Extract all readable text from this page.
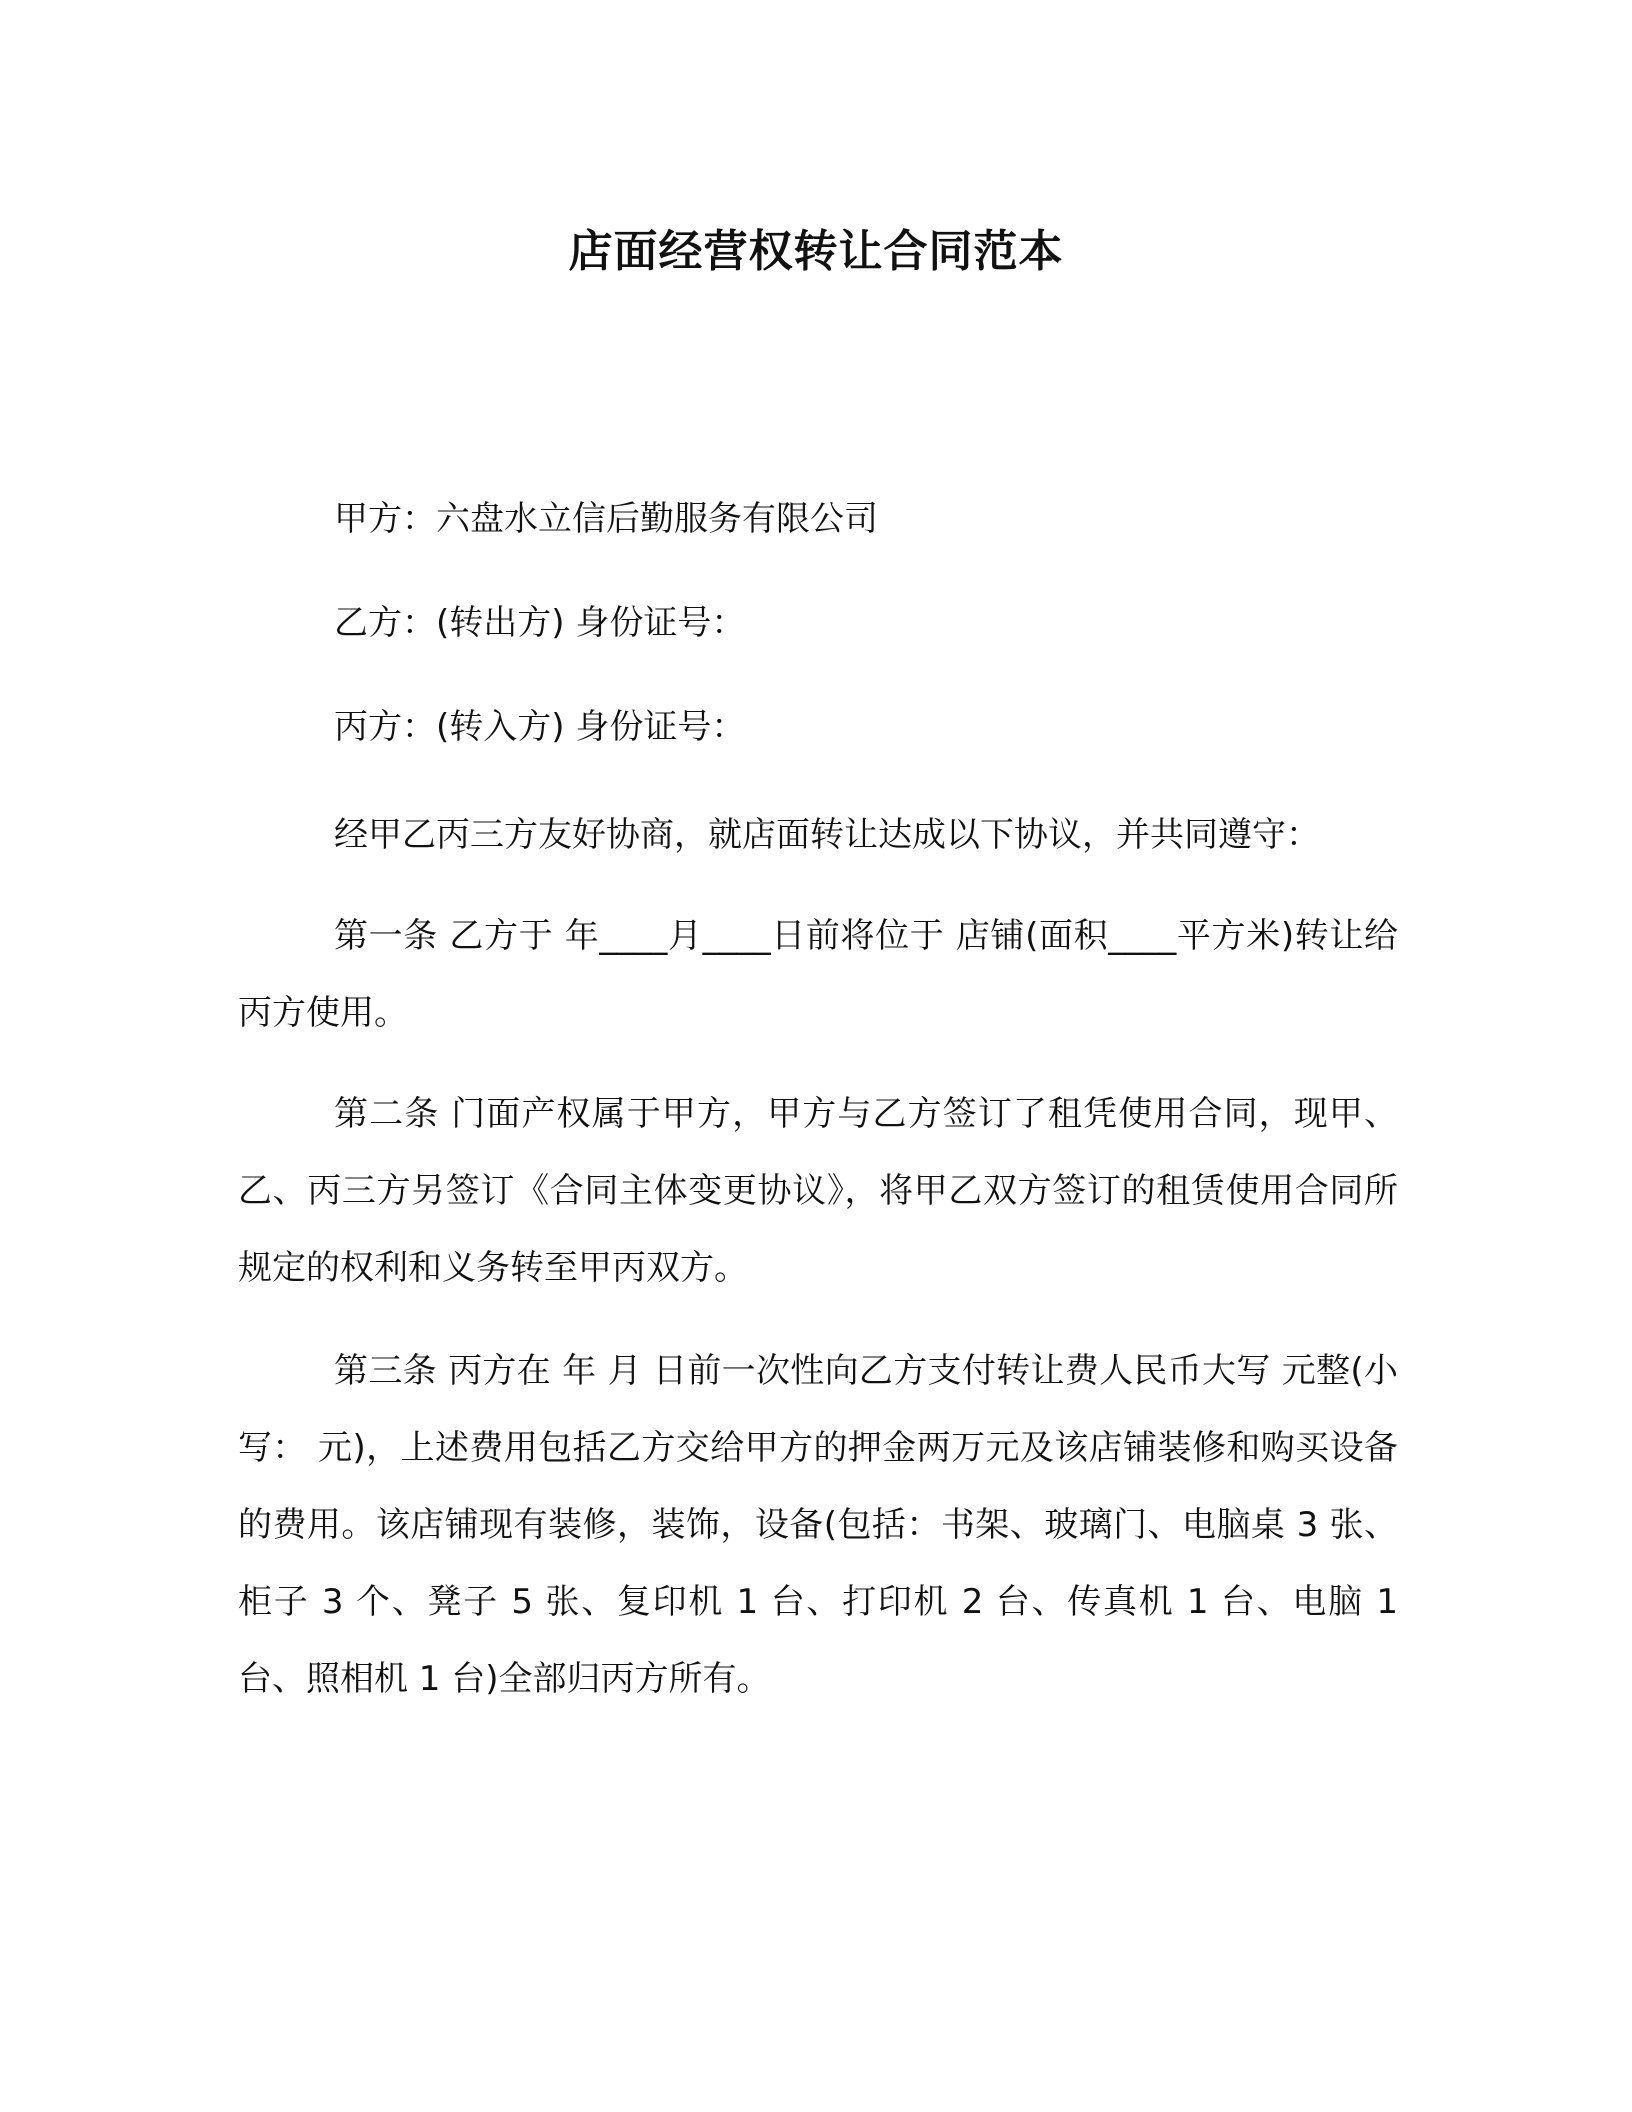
店面经营权转让合同范本
甲方：六盘水立信后勤服务有限公司
乙方：(转出方) 身份证号：
丙方：(转入方) 身份证号：
经甲乙丙三方友好协商，就店面转让达成以下协议，并共同遵守：
第一条 乙方于 年____月____日前将位于 店铺(面积____平方米)转让给丙方使用。
第二条 门面产权属于甲方，甲方与乙方签订了租凭使用合同，现甲、乙、丙三方另签订《合同主体变更协议》，将甲乙双方签订的租赁使用合同所规定的权利和义务转至甲丙双方。
第三条 丙方在 年 月 日前一次性向乙方支付转让费人民币大写 元整(小写： 元)，上述费用包括乙方交给甲方的押金两万元及该店铺装修和购买设备的费用。该店铺现有装修，装饰，设备(包括：书架、玻璃门、电脑桌 3 张、柜子 3 个、凳子 5 张、复印机 1 台、打印机 2 台、传真机 1 台、电脑 1 台、照相机 1 台)全部归丙方所有。
